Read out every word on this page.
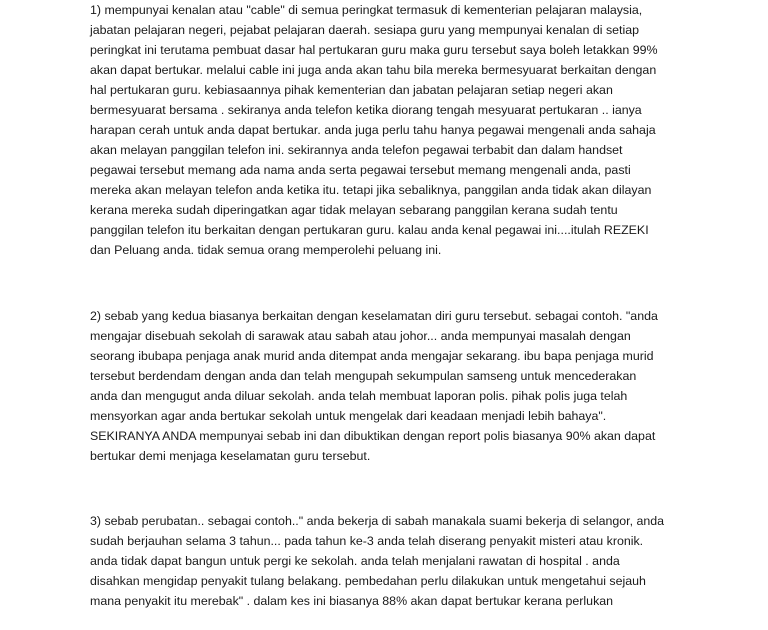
1) mempunyai kenalan atau "cable" di semua peringkat termasuk di kementerian pelajaran malaysia,
jabatan pelajaran negeri, pejabat pelajaran daerah. sesiapa guru yang mempunyai kenalan di setiap
peringkat ini terutama pembuat dasar hal pertukaran guru maka guru tersebut saya boleh letakkan 99%
akan dapat bertukar. melalui cable ini juga anda akan tahu bila mereka bermesyuarat berkaitan dengan
hal pertukaran guru. kebiasaannya pihak kementerian dan jabatan pelajaran setiap negeri akan
bermesyuarat bersama . sekiranya anda telefon ketika diorang tengah mesyuarat pertukaran .. ianya
harapan cerah untuk anda dapat bertukar. anda juga perlu tahu hanya pegawai mengenali anda sahaja
akan melayan panggilan telefon ini. sekirannya anda telefon pegawai terbabit dan dalam handset
pegawai tersebut memang ada nama anda serta pegawai tersebut memang mengenali anda, pasti
mereka akan melayan telefon anda ketika itu. tetapi jika sebaliknya, panggilan anda tidak akan dilayan
kerana mereka sudah diperingatkan agar tidak melayan sebarang panggilan kerana sudah tentu
panggilan telefon itu berkaitan dengan pertukaran guru. kalau anda kenal pegawai ini....itulah REZEKI
dan Peluang anda. tidak semua orang memperolehi peluang ini.

2) sebab yang kedua biasanya berkaitan dengan keselamatan diri guru tersebut. sebagai contoh. "anda
mengajar disebuah sekolah di sarawak atau sabah atau johor... anda mempunyai masalah dengan
seorang ibubapa penjaga anak murid anda ditempat anda mengajar sekarang. ibu bapa penjaga murid
tersebut berdendam dengan anda dan telah mengupah sekumpulan samseng untuk mencederakan
anda dan mengugut anda diluar sekolah. anda telah membuat laporan polis. pihak polis juga telah
mensyorkan agar anda bertukar sekolah untuk mengelak dari keadaan menjadi lebih bahaya".
SEKIRANYA ANDA mempunyai sebab ini dan dibuktikan dengan report polis biasanya 90% akan dapat
bertukar demi menjaga keselamatan guru tersebut.

3) sebab perubatan.. sebagai contoh.." anda bekerja di sabah manakala suami bekerja di selangor, anda
sudah berjauhan selama 3 tahun... pada tahun ke-3 anda telah diserang penyakit misteri atau kronik.
anda tidak dapat bangun untuk pergi ke sekolah. anda telah menjalani rawatan di hospital . anda
disahkan mengidap penyakit tulang belakang. pembedahan perlu dilakukan untuk mengetahui sejauh
mana penyakit itu merebak" . dalam kes ini biasanya 88% akan dapat bertukar kerana perlukan
